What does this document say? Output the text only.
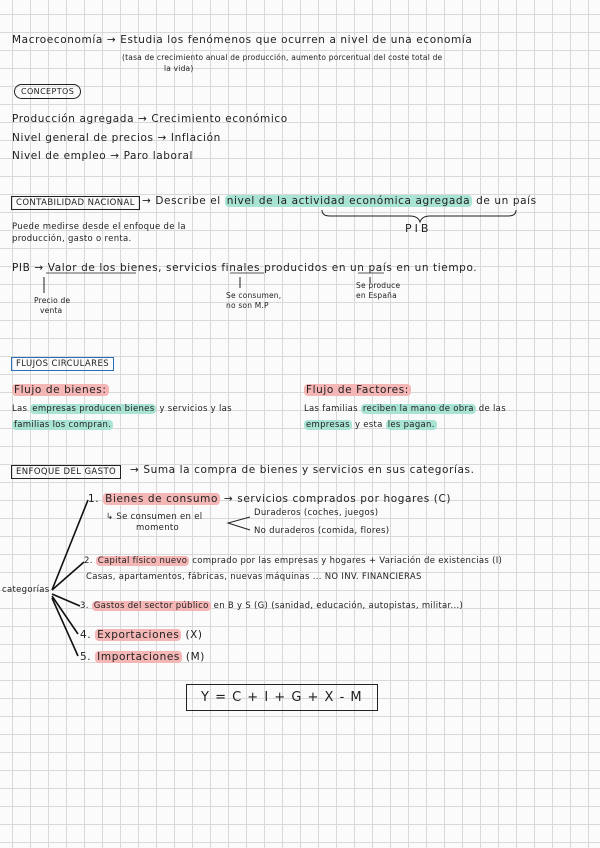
Macroeconomía → Estudia los fenómenos que ocurren a nivel de una economía
(tasa de crecimiento anual de producción, aumento porcentual del coste total de
la vida)
CONCEPTOS
Producción agregada → Crecimiento económico
Nivel general de precios → Inflación
Nivel de empleo → Paro laboral
CONTABILIDAD NACIONAL → Describe el nivel de la actividad económica agregada de un país
PIB
Puede medirse desde el enfoque de la
producción, gasto o renta.
PIB → Valor de los bienes, servicios finales producidos en un país en un tiempo.
Precio de
venta
Se consumen,
no son M.P
Se produce
en España
FLUJOS CIRCULARES
Flujo de bienes:
Las empresas producen bienes y servicios y las
familias los compran.
Flujo de Factores:
Las familias reciben la mano de obra de las
empresas y esta les pagan.
ENFOQUE DEL GASTO	→ Suma la compra de bienes y servicios en sus categorías.
categorías
1. Bienes de consumo → servicios comprados por hogares (C)
↳ Se consumen en el
momento
Duraderos (coches, juegos)
No duraderos (comida, flores)
2. Capital físico nuevo comprado por las empresas y hogares + Variación de existencias (I)
Casas, apartamentos, fábricas, nuevas máquinas ... NO INV. FINANCIERAS
3. Gastos del sector público en B y S (G) (sanidad, educación, autopistas, militar...)
4. Exportaciones (X)
5. Importaciones (M)
Y = C + I + G + X - M
